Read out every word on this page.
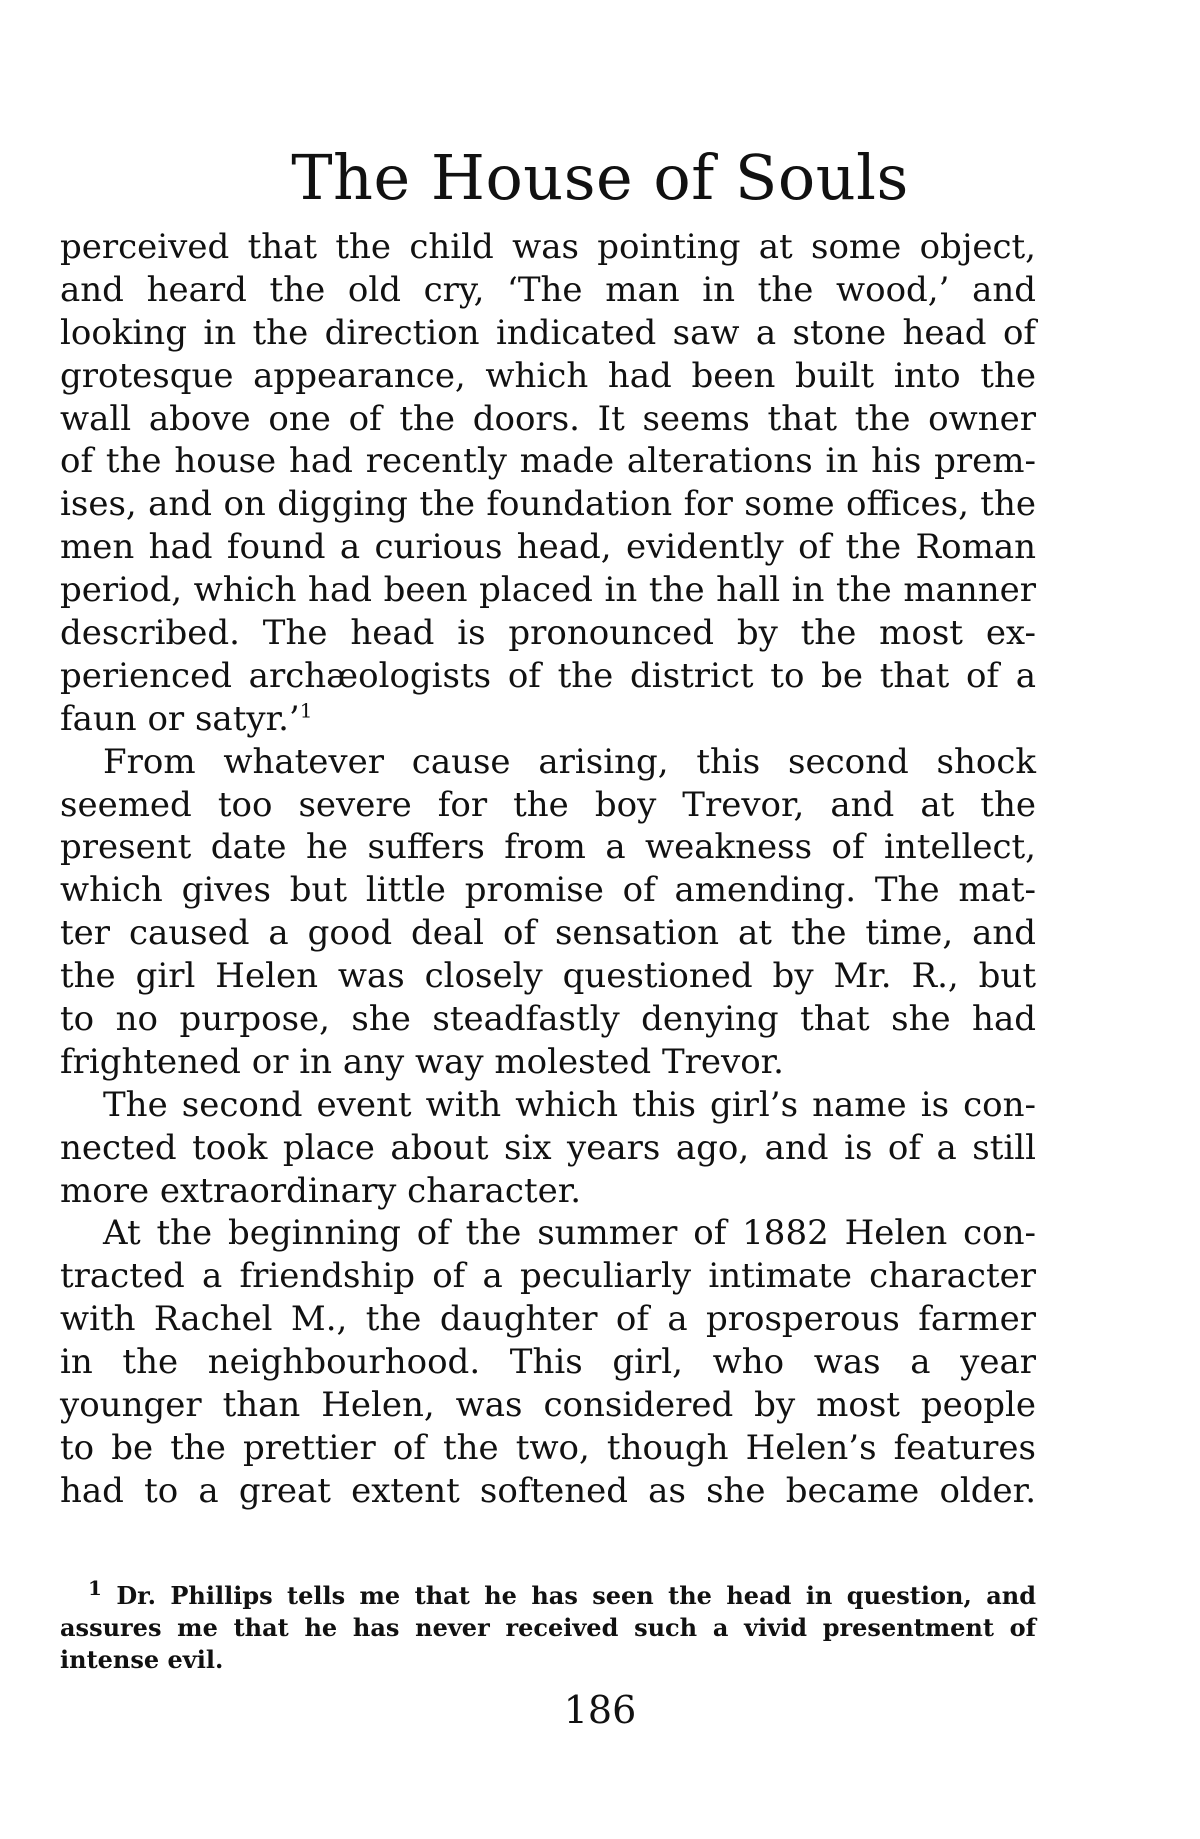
The House of Souls
perceived that the child was pointing at some object,
and heard the old cry, ‘The man in the wood,’ and
looking in the direction indicated saw a stone head of
grotesque appearance, which had been built into the
wall above one of the doors. It seems that the owner
of the house had recently made alterations in his prem-
ises, and on digging the foundation for some offices, the
men had found a curious head, evidently of the Roman
period, which had been placed in the hall in the manner
described. The head is pronounced by the most ex-
perienced archæologists of the district to be that of a
faun or satyr.’$^1$
From whatever cause arising, this second shock
seemed too severe for the boy Trevor, and at the
present date he suffers from a weakness of intellect,
which gives but little promise of amending. The mat-
ter caused a good deal of sensation at the time, and
the girl Helen was closely questioned by Mr. R., but
to no purpose, she steadfastly denying that she had
frightened or in any way molested Trevor.
The second event with which this girl’s name is con-
nected took place about six years ago, and is of a still
more extraordinary character.
At the beginning of the summer of 1882 Helen con-
tracted a friendship of a peculiarly intimate character
with Rachel M., the daughter of a prosperous farmer
in the neighbourhood. This girl, who was a year
younger than Helen, was considered by most people
to be the prettier of the two, though Helen’s features
had to a great extent softened as she became older.
$^1$ Dr. Phillips tells me that he has seen the head in question, and
assures me that he has never received such a vivid presentment of
intense evil.
186
